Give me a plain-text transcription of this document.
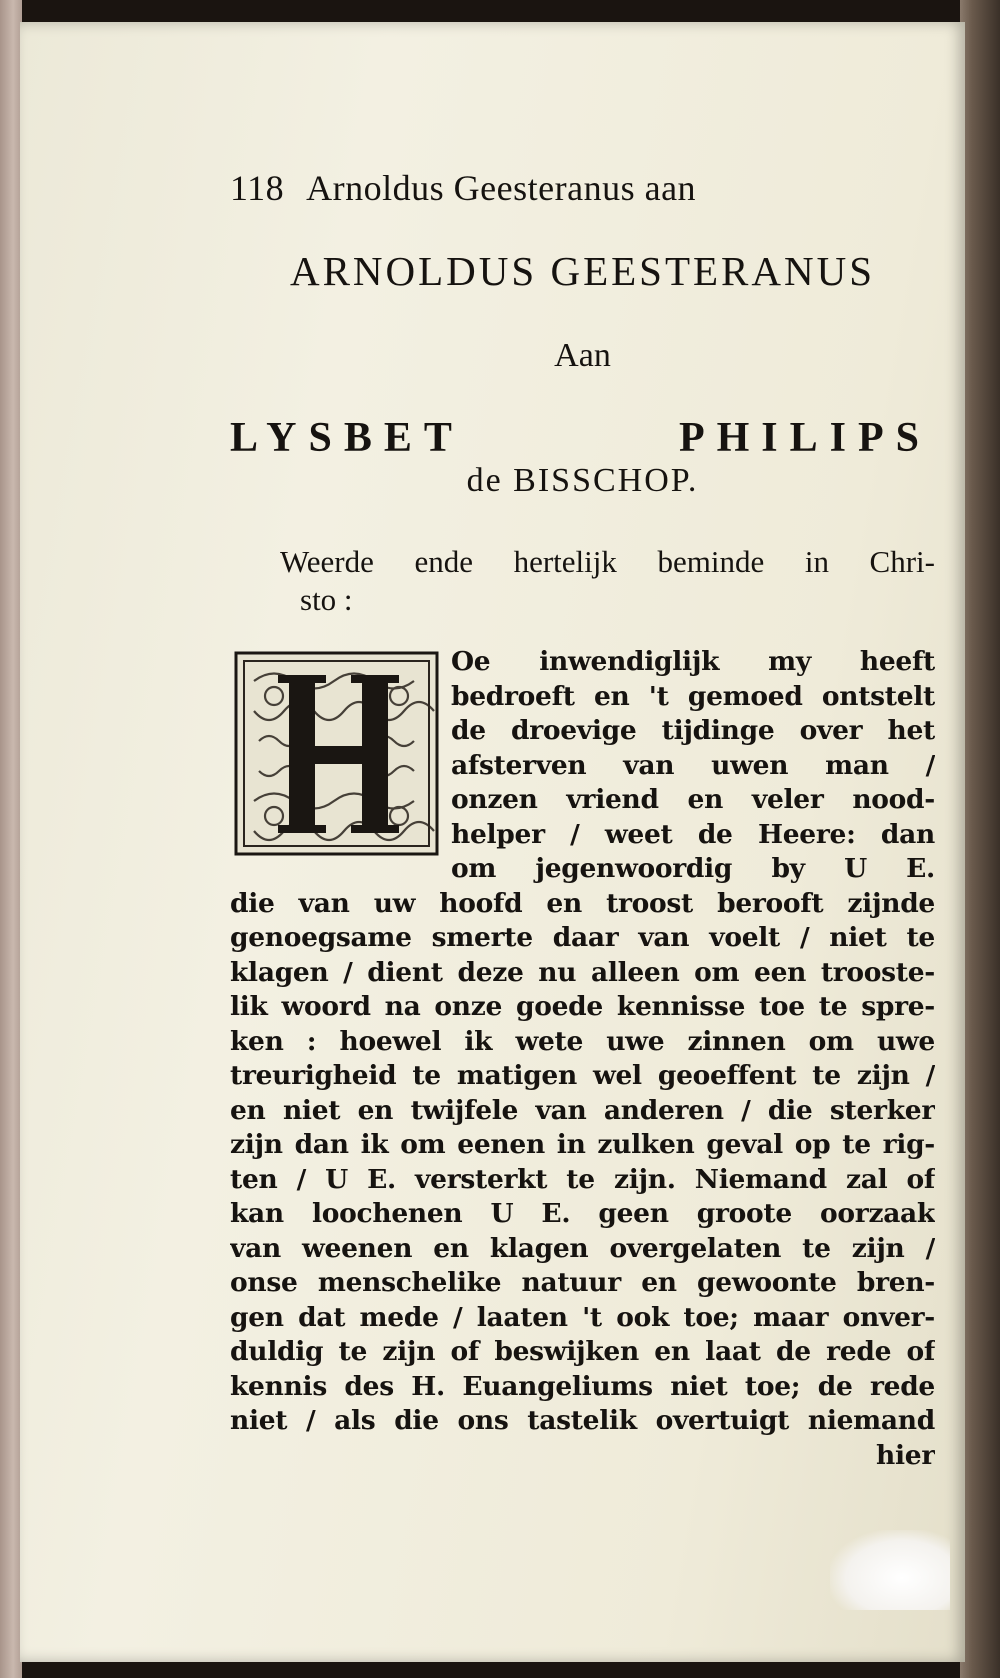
118 Arnoldus Geesteranus aan
ARNOLDUS GEESTERANUS
Aan
LYSBET PHILIPS
de BISSCHOP.
Weerde ende hertelijk beminde in Chri-
sto :
H
Oe inwendiglijk my heeft
bedroeft en 't gemoed ontstelt
de droevige tijdinge over het
afsterven van uwen man /
onzen vriend en veler nood-
helper / weet de Heere: dan
om jegenwoordig by U E.
die van uw hoofd en troost berooft zijnde
genoegsame smerte daar van voelt / niet te
klagen / dient deze nu alleen om een trooste-
lik woord na onze goede kennisse toe te spre-
ken : hoewel ik wete uwe zinnen om uwe
treurigheid te matigen wel geoeffent te zijn /
en niet en twijfele van anderen / die sterker
zijn dan ik om eenen in zulken geval op te rig-
ten / U E. versterkt te zijn. Niemand zal of
kan loochenen U E. geen groote oorzaak
van weenen en klagen overgelaten te zijn /
onse menschelike natuur en gewoonte bren-
gen dat mede / laaten 't ook toe; maar onver-
duldig te zijn of beswijken en laat de rede of
kennis des H. Euangeliums niet toe; de rede
niet / als die ons tastelik overtuigt niemand
hier
